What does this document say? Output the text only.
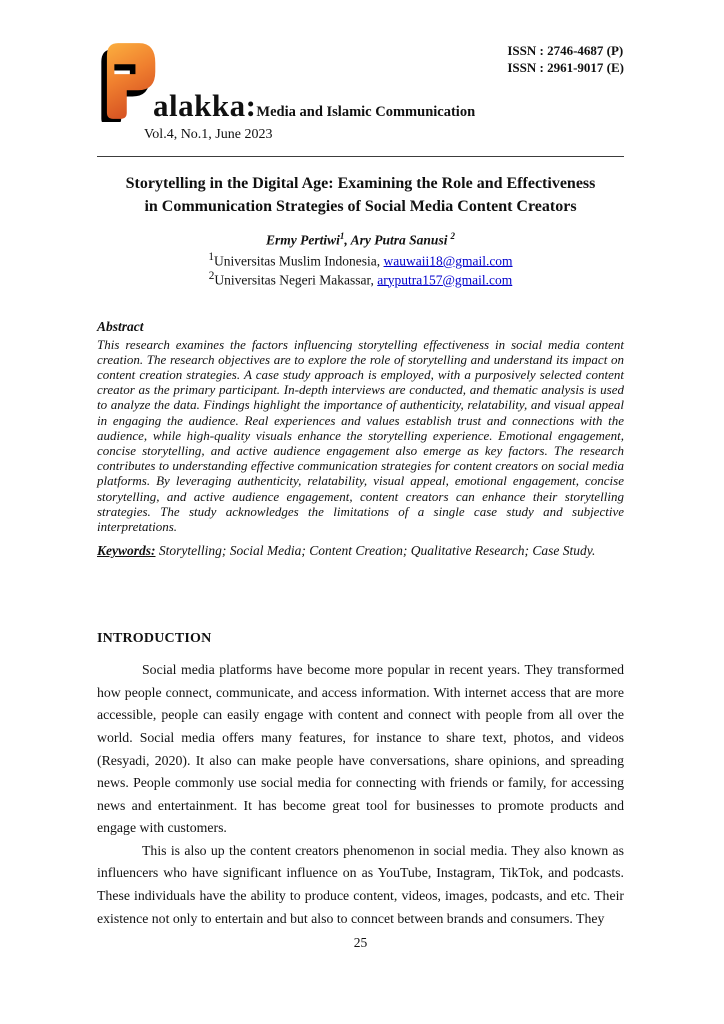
alakka:Media and Islamic Communication
ISSN : 2746-4687 (P)
ISSN : 2961-9017 (E)
Vol.4, No.1, June 2023
Storytelling in the Digital Age: Examining the Role and Effectiveness
in Communication Strategies of Social Media Content Creators
Ermy Pertiwi$^1$, Ary Putra Sanusi $^2$
$^1$Universitas Muslim Indonesia, wauwaii18@gmail.com
$^2$Universitas Negeri Makassar, aryputra157@gmail.com
Abstract
This research examines the factors influencing storytelling effectiveness in social media content creation. The research objectives are to explore the role of storytelling and understand its impact on content creation strategies. A case study approach is employed, with a purposively selected content creator as the primary participant. In-depth interviews are conducted, and thematic analysis is used to analyze the data. Findings highlight the importance of authenticity, relatability, and visual appeal in engaging the audience. Real experiences and values establish trust and connections with the audience, while high-quality visuals enhance the storytelling experience. Emotional engagement, concise storytelling, and active audience engagement also emerge as key factors. The research contributes to understanding effective communication strategies for content creators on social media platforms. By leveraging authenticity, relatability, visual appeal, emotional engagement, concise storytelling, and active audience engagement, content creators can enhance their storytelling strategies. The study acknowledges the limitations of a single case study and subjective interpretations.
Keywords: Storytelling; Social Media; Content Creation; Qualitative Research; Case Study.
INTRODUCTION

Social media platforms have become more popular in recent years. They transformed how people connect, communicate, and access information. With internet access that are more accessible, people can easily engage with content and connect with people from all over the world. Social media offers many features, for instance to share text, photos, and videos (Resyadi, 2020). It also can make people have conversations, share opinions, and spreading news. People commonly use social media for connecting with friends or family, for accessing news and entertainment. It has become great tool for businesses to promote products and engage with customers.

This is also up the content creators phenomenon in social media. They also known as influencers who have significant influence on as YouTube, Instagram, TikTok, and podcasts. These individuals have the ability to produce content, videos, images, podcasts, and etc. Their existence not only to entertain and but also to conncet between brands and consumers. They

25
